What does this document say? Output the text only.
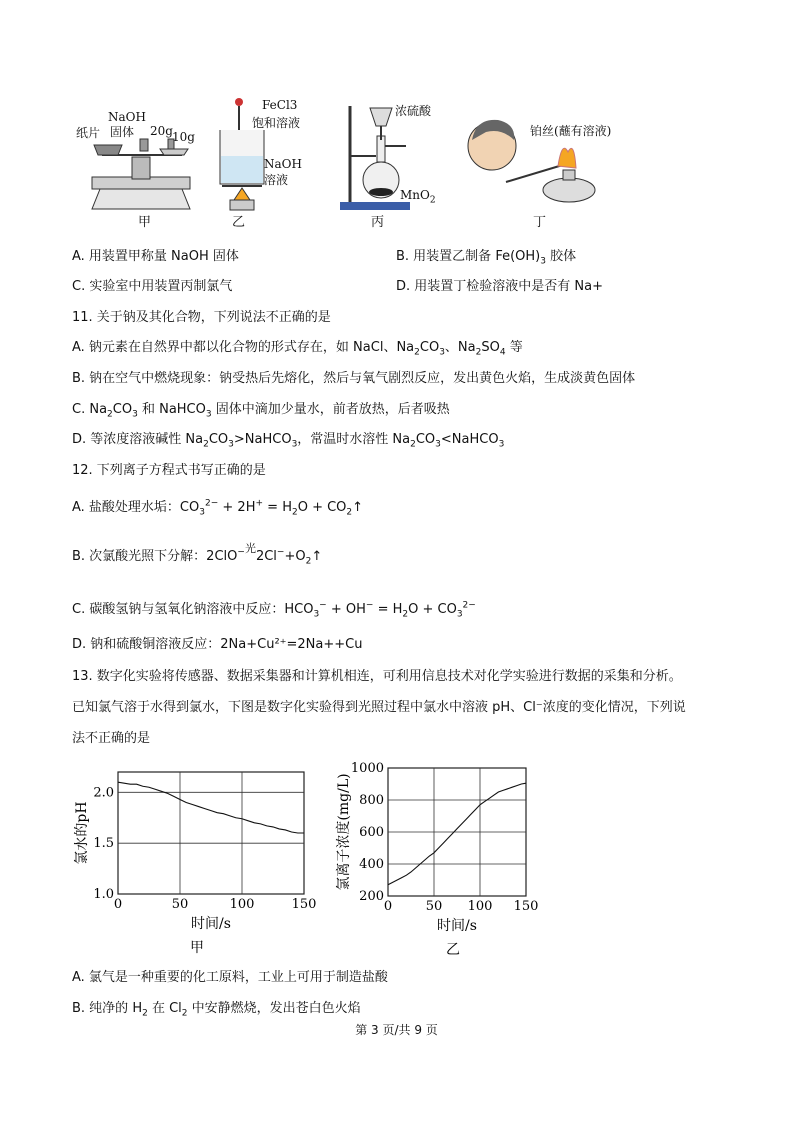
纸片
NaOH
固体 20g 10g
甲
FeCl3
饱和溶液
NaOH
溶液
乙
浓硫酸
MnO$_2$
丙
铂丝(蘸有溶液)
丁
A. 用装置甲称量 NaOH 固体	B. 用装置乙制备 $Fe(OH)_3$ 胶体
C. 实验室中用装置丙制氯气	D. 用装置丁检验溶液中是否有 Na+
11. 关于钠及其化合物，下列说法不正确的是
A. 钠元素在自然界中都以化合物的形式存在，如 NaCl、$Na_2CO_3$、$Na_2SO_4$ 等
B. 钠在空气中燃烧现象：钠受热后先熔化，然后与氧气剧烈反应，发出黄色火焰，生成淡黄色固体
C. $Na_2CO_3$ 和 NaHCO$_3$ 固体中滴加少量水，前者放热，后者吸热
D. 等浓度溶液碱性 $Na_2CO_3>NaHCO_3$，常温时水溶性 $Na_2CO_3<NaHCO_3$
12. 下列离子方程式书写正确的是
A. 盐酸处理水垢：$CO_3^{2-} + 2H^+ = H_2O$ + $CO_2↑$
B. 次氯酸光照下分解：2ClO−光$2Cl^-+O_2↑$
C. 碳酸氢钠与氢氧化钠溶液中反应：$HCO_3^- + OH^- = H_2O + CO_3^{2-}$
D. 钠和硫酸铜溶液反应：2Na+Cu²⁺=2Na++Cu
13. 数字化实验将传感器、数据采集器和计算机相连，可利用信息技术对化学实验进行数据的采集和分析。
已知氯气溶于水得到氯水，下图是数字化实验得到光照过程中氯水中溶液 pH、Cl⁻浓度的变化情况，下列说
法不正确的是
0	50	100	150
1.0
1.5
2.0
时间/s
氯水的pH
甲
0	50 100 150
200
400
600
800
1000
时间/s
氯离子浓度(mg/L)
乙
A. 氯气是一种重要的化工原料，工业上可用于制造盐酸
B. 纯净的 $H_2$ 在 $Cl_2$ 中安静燃烧，发出苍白色火焰
第 3 页/共 9 页
